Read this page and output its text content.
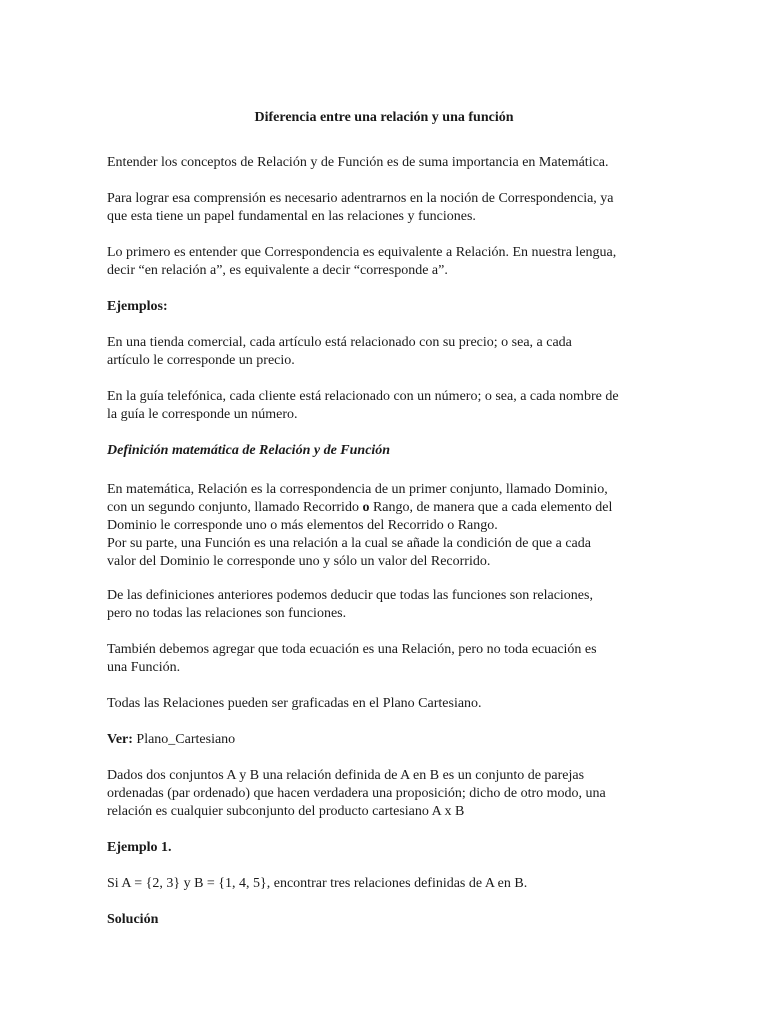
Diferencia entre una relación y una función

Entender los conceptos de Relación y de Función es de suma importancia en Matemática.

Para lograr esa comprensión es necesario adentrarnos en la noción de Correspondencia, ya
que esta tiene un papel fundamental en las relaciones y funciones.
Lo primero es entender que Correspondencia es equivalente a Relación. En nuestra lengua,
decir “en relación a”, es equivalente a decir “corresponde a”.

Ejemplos:

En una tienda comercial, cada artículo está relacionado con su precio; o sea, a cada
artículo le corresponde un precio.
En la guía telefónica, cada cliente está relacionado con un número; o sea, a cada nombre de
la guía le corresponde un número.

Definición matemática de Relación y de Función

En matemática, Relación es la correspondencia de un primer conjunto, llamado Dominio,
con un segundo conjunto, llamado Recorrido o Rango, de manera que a cada elemento del
Dominio le corresponde uno o más elementos del Recorrido o Rango.
Por su parte, una Función es una relación a la cual se añade la condición de que a cada
valor del Dominio le corresponde uno y sólo un valor del Recorrido.
De las definiciones anteriores podemos deducir que todas las funciones son relaciones,
pero no todas las relaciones son funciones.
También debemos agregar que toda ecuación es una Relación, pero no toda ecuación es
una Función.

Todas las Relaciones pueden ser graficadas en el Plano Cartesiano.

Ver: Plano_Cartesiano

Dados dos conjuntos A y B una relación definida de A en B es un conjunto de parejas
ordenadas (par ordenado) que hacen verdadera una proposición; dicho de otro modo, una
relación es cualquier subconjunto del producto cartesiano A x B

Ejemplo 1.

Si A = {2, 3} y B = {1, 4, 5}, encontrar tres relaciones definidas de A en B.

Solución
